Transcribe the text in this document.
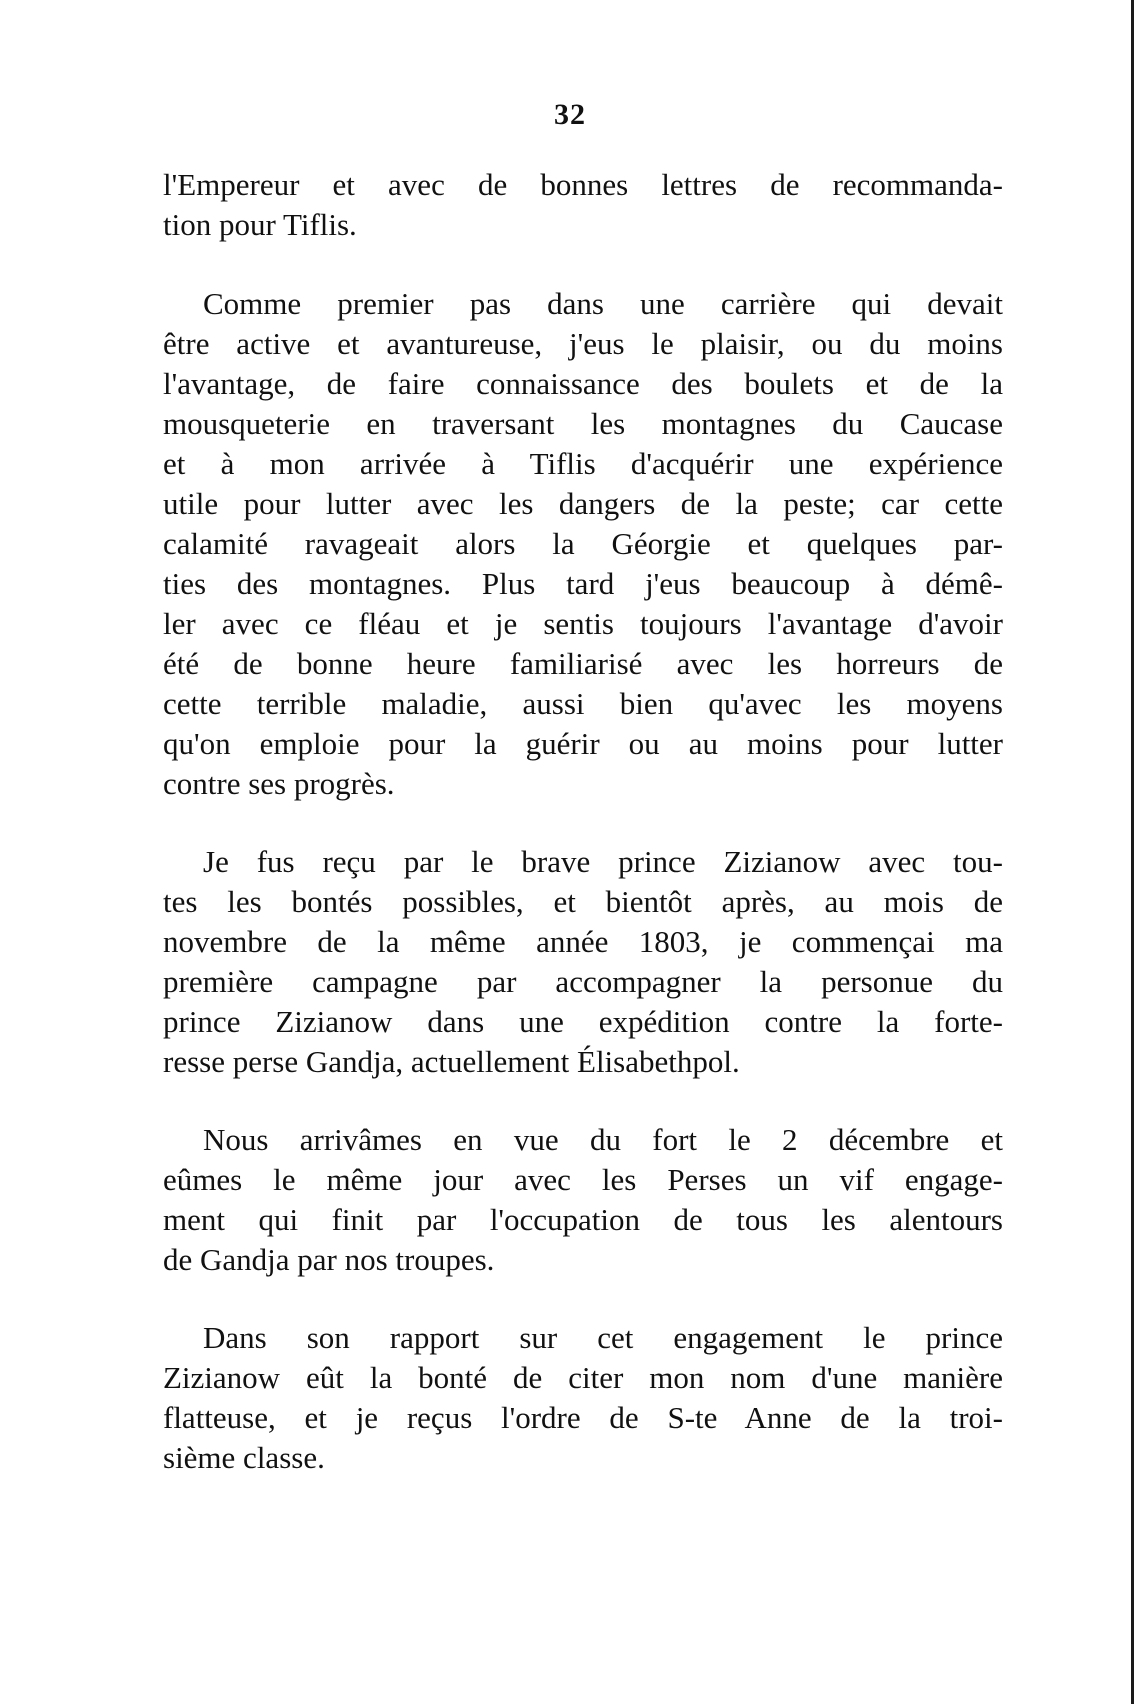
32
l'Empereur et avec de bonnes lettres de recommanda-
tion pour Tiflis.
Comme premier pas dans une carrière qui devait
être active et avantureuse, j'eus le plaisir, ou du moins
l'avantage, de faire connaissance des boulets et de la
mousqueterie en traversant les montagnes du Caucase
et à mon arrivée à Tiflis d'acquérir une expérience
utile pour lutter avec les dangers de la peste; car cette
calamité ravageait alors la Géorgie et quelques par-
ties des montagnes. Plus tard j'eus beaucoup à démê-
ler avec ce fléau et je sentis toujours l'avantage d'avoir
été de bonne heure familiarisé avec les horreurs de
cette terrible maladie, aussi bien qu'avec les moyens
qu'on emploie pour la guérir ou au moins pour lutter
contre ses progrès.
Je fus reçu par le brave prince Zizianow avec tou-
tes les bontés possibles, et bientôt après, au mois de
novembre de la même année 1803, je commençai ma
première campagne par accompagner la personue du
prince Zizianow dans une expédition contre la forte-
resse perse Gandja, actuellement Élisabethpol.
Nous arrivâmes en vue du fort le 2 décembre et
eûmes le même jour avec les Perses un vif engage-
ment qui finit par l'occupation de tous les alentours
de Gandja par nos troupes.
Dans son rapport sur cet engagement le prince
Zizianow eût la bonté de citer mon nom d'une manière
flatteuse, et je reçus l'ordre de S-te Anne de la troi-
sième classe.
